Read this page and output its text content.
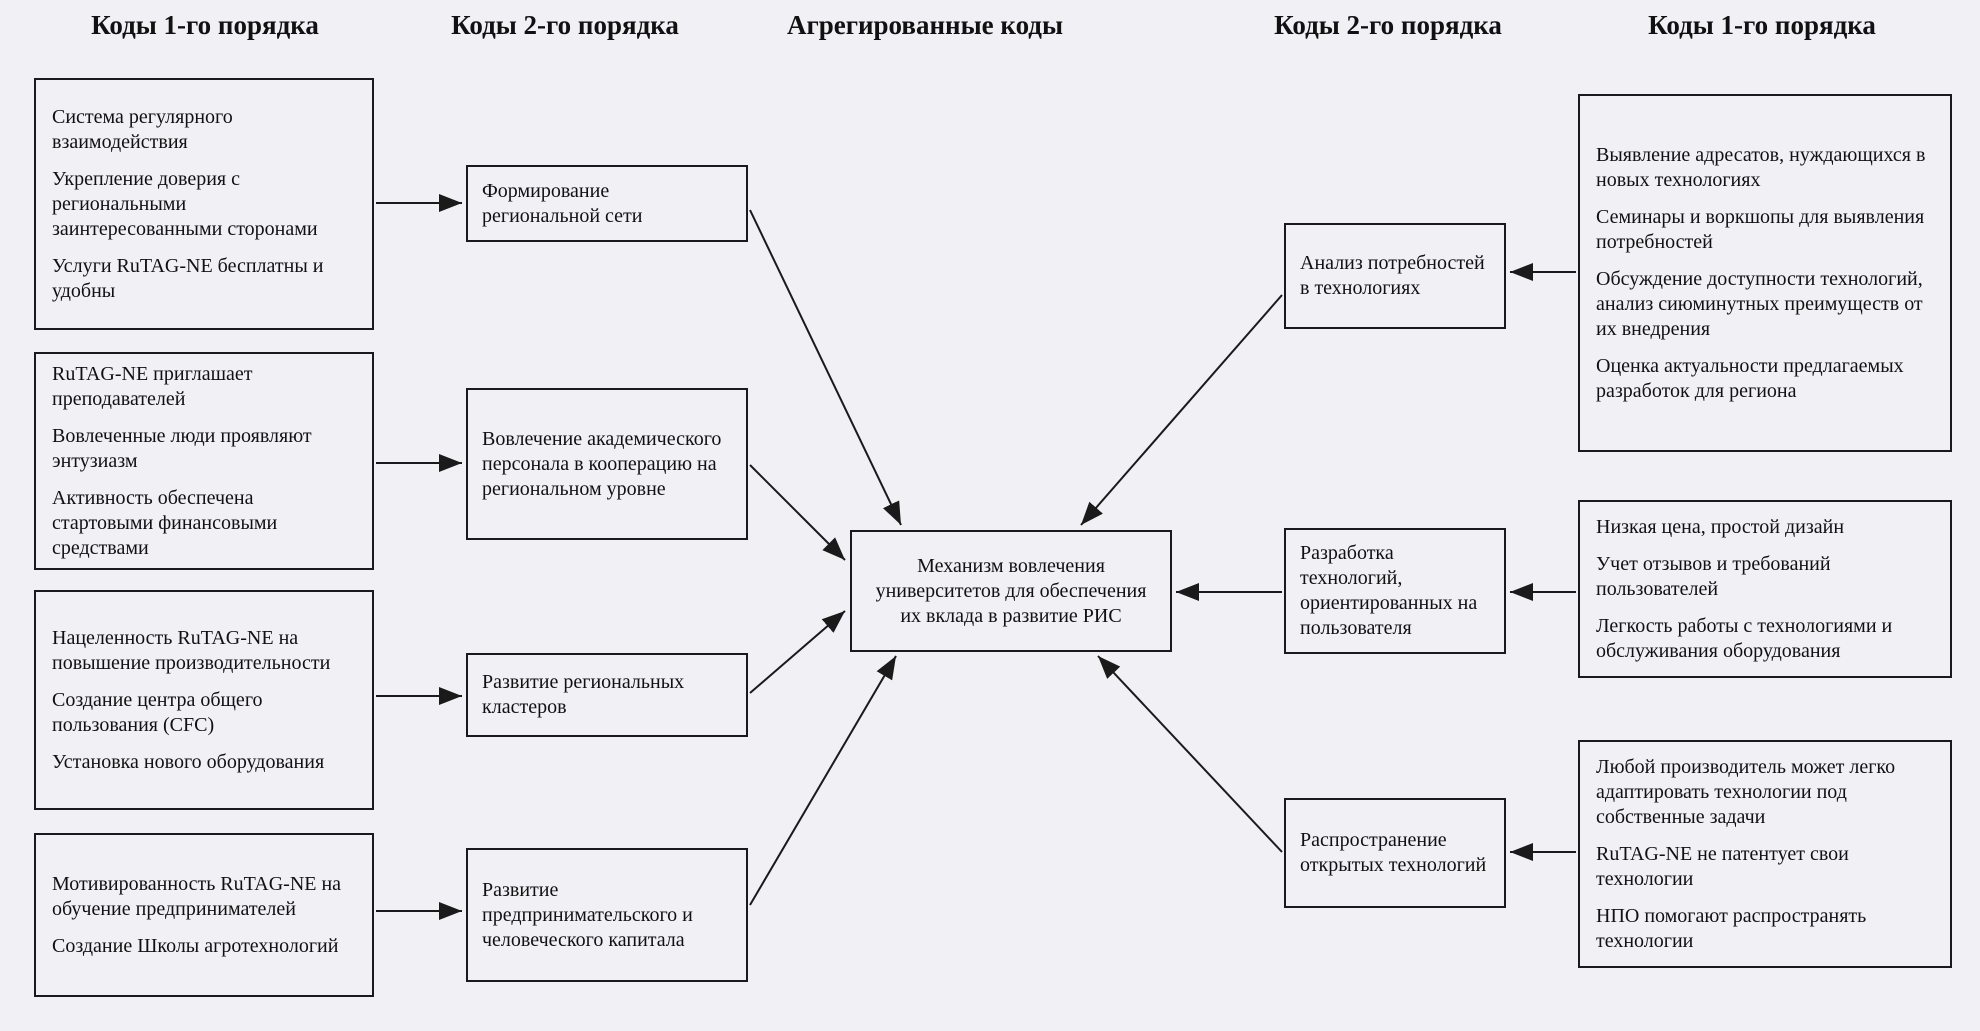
Коды 1-го порядка	Коды 2-го порядка	Агрегированные коды	Коды 2-го порядка	Коды 1-го порядка
Система регулярного взаимодействия
Укрепление доверия с региональными заинтересованными сторонами
Услуги RuTAG-NE бесплатны и удобны
RuTAG-NE приглашает преподавателей
Вовлеченные люди проявляют энтузиазм
Активность обеспечена стартовыми финансовыми средствами
Нацеленность RuTAG-NE на повышение производительности
Создание центра общего пользования (CFC)
Установка нового оборудования
Мотивированность RuTAG-NE на обучение предпринимателей
Создание Школы агротехнологий
Формирование региональной сети
Вовлечение академического персонала в кооперацию на региональном уровне
Развитие региональных кластеров
Развитие предпринимательского и человеческого капитала
Механизм вовлечения университетов для обеспечения их вклада в развитие РИС
Анализ потребностей в технологиях
Разработка технологий, ориентированных на пользователя
Распространение открытых технологий
Выявление адресатов, нуждающихся в новых технологиях
Семинары и воркшопы для выявления потребностей
Обсуждение доступности технологий, анализ сиюминутных преимуществ от их внедрения
Оценка актуальности предлагаемых разработок для региона
Низкая цена, простой дизайн
Учет отзывов и требований пользователей
Легкость работы с технологиями и обслуживания оборудования
Любой производитель может легко адаптировать технологии под собственные задачи
RuTAG-NE не патентует свои технологии
НПО помогают распространять технологии
